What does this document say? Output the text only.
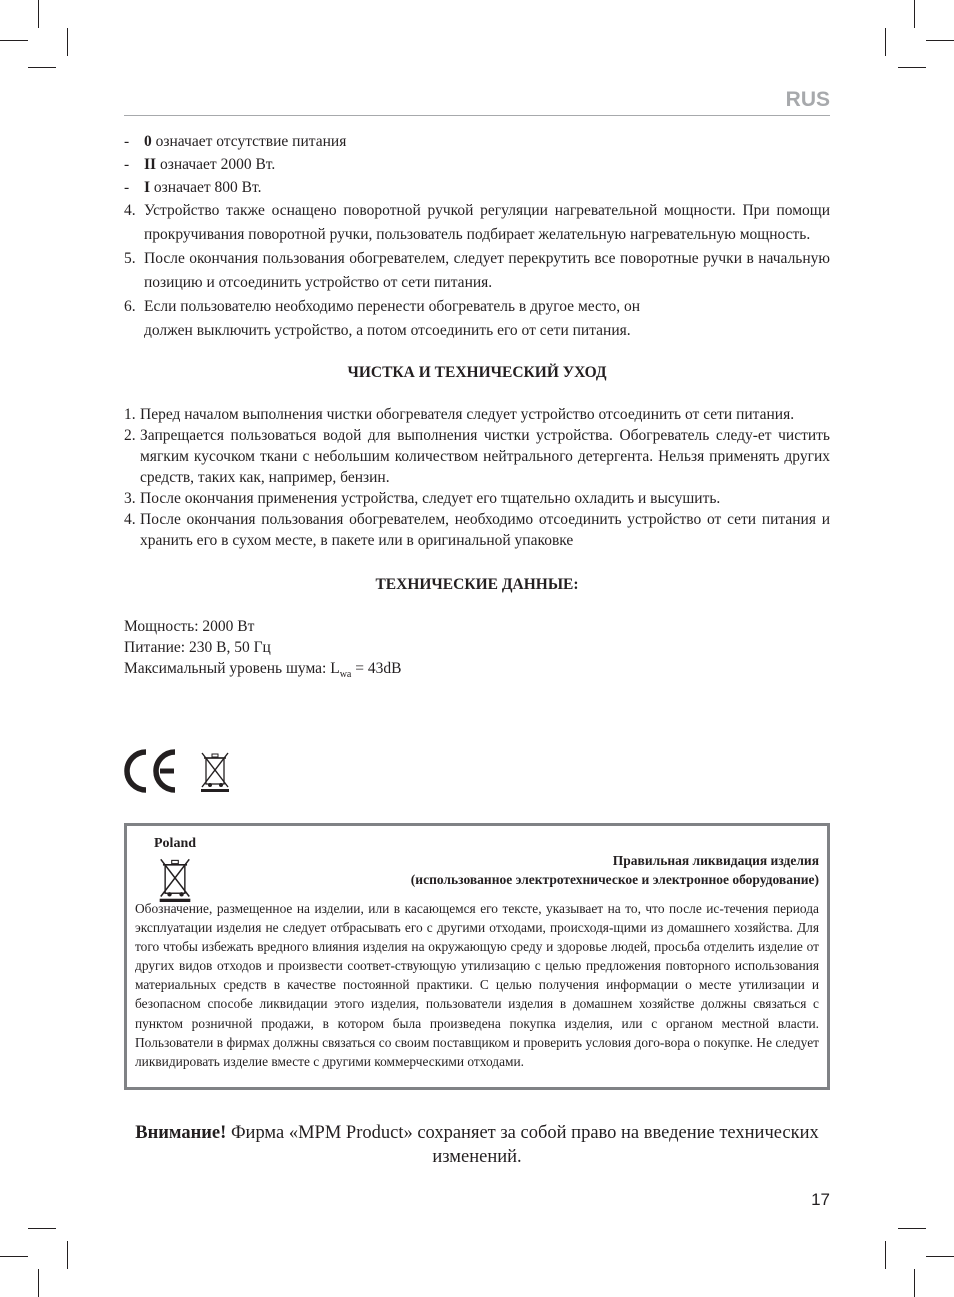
RUS
- 0 означает отсутствие питания
- II означает 2000 Вт.
- I означает 800 Вт.
4. Устройство также оснащено поворотной ручкой регуляции нагревательной мощности. При помощи прокручивания поворотной ручки, пользователь подбирает желательную нагревательную мощность.
5. После окончания пользования обогревателем, следует перекрутить все поворотные ручки в начальную позицию и отсоединить устройство от сети питания.
6. Если пользователю необходимо перенести обогреватель в другое место, он
должен выключить устройство, а потом отсоединить его от сети питания.
ЧИСТКА И ТЕХНИЧЕСКИЙ УХОД
1. Перед началом выполнения чистки обогревателя следует устройство отсоединить от сети питания.
2. Запрещается пользоваться водой для выполнения чистки устройства. Обогреватель следу-ет чистить мягким кусочком ткани с небольшим количеством нейтрального детергента. Нельзя применять других средств, таких как, например, бензин.
3. После окончания применения устройства, следует его тщательно охладить и высушить.
4. После окончания пользования обогревателем, необходимо отсоединить устройство от сети питания и хранить его в сухом месте, в пакете или в оригинальной упаковке
ТЕХНИЧЕСКИЕ ДАННЫЕ:
Мощность: 2000 Вт
Питание: 230 В, 50 Гц
Максимальный уровень шума: $L_{wa} = 43dB$
Poland
Правильная ликвидация изделия
(использованное электротехническое и электронное оборудование)
Обозначение, размещенное на изделии, или в касающемся его тексте, указывает на то, что после ис-течения периода эксплуатации изделия не следует отбрасывать его с другими отходами, происходя-щими из домашнего хозяйства. Для того чтобы избежать вредного влияния изделия на окружающую среду и здоровье людей, просьба отделить изделие от других видов отходов и произвести соответ-ствующую утилизацию с целью предложения повторного использования материальных средств в качестве постоянной практики. С целью получения информации о месте утилизации и безопасном способе ликвидации этого изделия, пользователи изделия в домашнем хозяйстве должны связаться с пунктом розничной продажи, в котором была произведена покупка изделия, или с органом местной власти. Пользователи в фирмах должны связаться со своим поставщиком и проверить условия дого-вора о покупке. Не следует ликвидировать изделие вместе с другими коммерческими отходами.
Внимание! Фирма «MPM Product» сохраняет за собой право на введение технических изменений.
17
